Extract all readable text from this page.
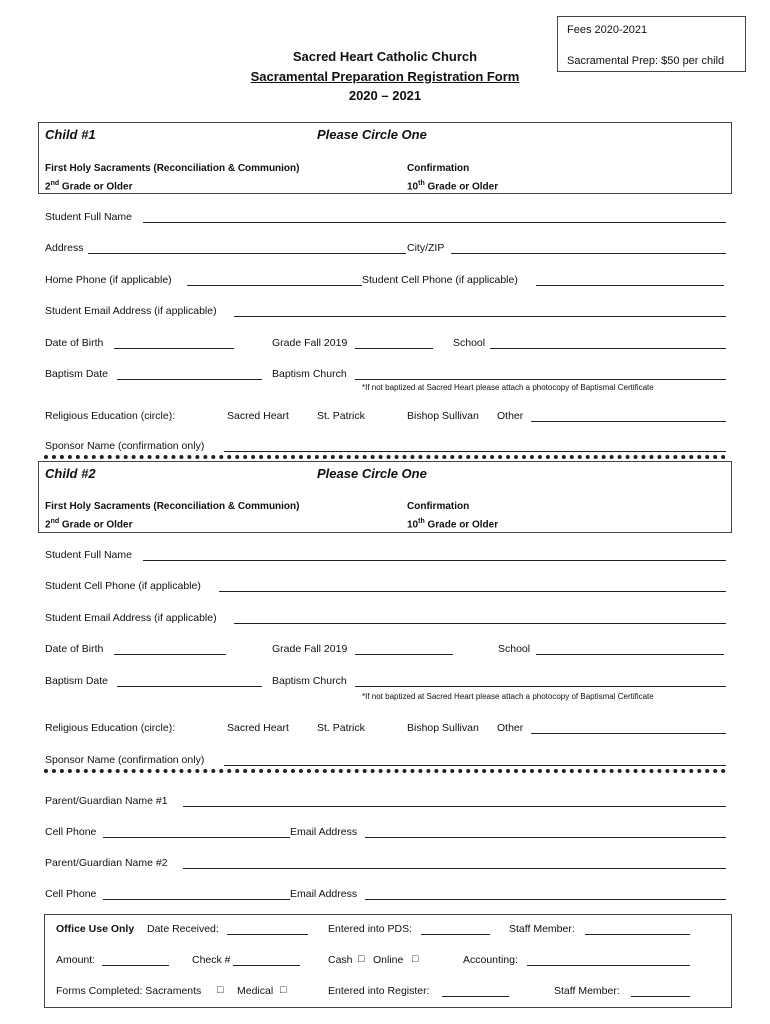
Fees 2020-2021
Sacramental Prep: $50 per child
Sacred Heart Catholic Church
Sacramental Preparation Registration Form
2020 – 2021
Child #1	Please Circle One
First Holy Sacraments (Reconciliation & Communion)
2nd Grade or Older
Confirmation
10th Grade or Older
Student Full Name
Address	City/ZIP
Home Phone (if applicable)	Student Cell Phone (if applicable)
Student Email Address (if applicable)
Date of Birth	Grade Fall 2019	School
Baptism Date	Baptism Church
*If not baptized at Sacred Heart please attach a photocopy of Baptismal Certificate
Religious Education (circle):	Sacred Heart	St. Patrick	Bishop Sullivan Other
Sponsor Name (confirmation only)
Child #2	Please Circle One
First Holy Sacraments (Reconciliation & Communion)
2nd Grade or Older
Confirmation
10th Grade or Older
Student Full Name
Student Cell Phone (if applicable)
Student Email Address (if applicable)
Date of Birth	Grade Fall 2019	School
Baptism Date	Baptism Church
*If not baptized at Sacred Heart please attach a photocopy of Baptismal Certificate
Religious Education (circle):	Sacred Heart	St. Patrick	Bishop Sullivan Other
Sponsor Name (confirmation only)
Parent/Guardian Name #1
Cell Phone	Email Address
Parent/Guardian Name #2
Cell Phone	Email Address
Office Use Only Date Received:	Entered into PDS:	Staff Member:
Amount:	Check #	Cash □ Online □	Accounting:
Forms Completed: Sacraments □ Medical □	Entered into Register:	Staff Member:
